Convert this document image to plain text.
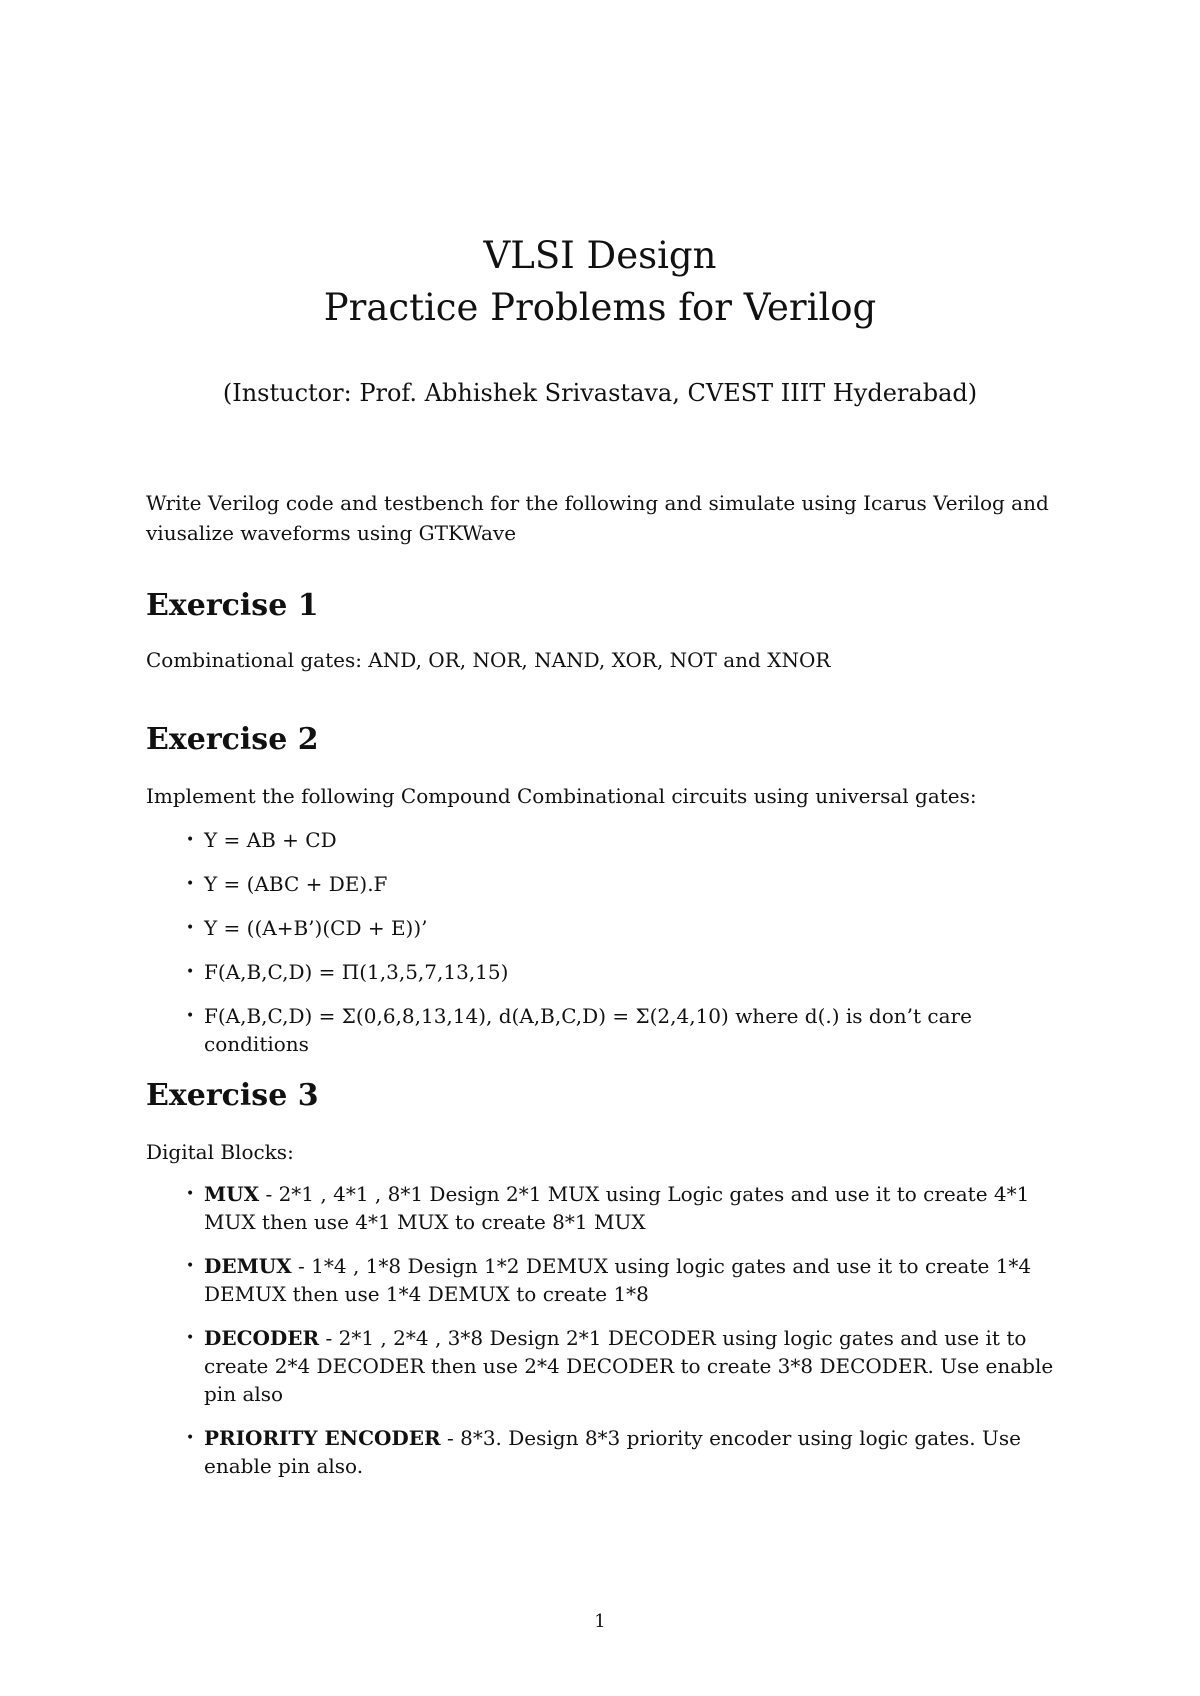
VLSI Design

Practice Problems for Verilog

(Instuctor: Prof. Abhishek Srivastava, CVEST IIIT Hyderabad)
Write Verilog code and testbench for the following and simulate using Icarus Verilog and viusalize waveforms using GTKWave
Exercise 1

Combinational gates: AND, OR, NOR, NAND, XOR, NOT and XNOR

Exercise 2

Implement the following Compound Combinational circuits using universal gates:

• Y = AB + CD
• Y = (ABC + DE).F
• Y = ((A+B’)(CD + E))’
• F(A,B,C,D) = Π(1,3,5,7,13,15)
• F(A,B,C,D) = Σ(0,6,8,13,14), d(A,B,C,D) = Σ(2,4,10) where d(.) is don’t care conditions
Exercise 3

Digital Blocks:

• MUX - 2*1 , 4*1 , 8*1 Design 2*1 MUX using Logic gates and use it to create 4*1 MUX then use 4*1 MUX to create 8*1 MUX
• DEMUX - 1*4 , 1*8 Design 1*2 DEMUX using logic gates and use it to create 1*4 DEMUX then use 1*4 DEMUX to create 1*8
• DECODER - 2*1 , 2*4 , 3*8 Design 2*1 DECODER using logic gates and use it to create 2*4 DECODER then use 2*4 DECODER to create 3*8 DECODER. Use enable pin also
• PRIORITY ENCODER - 8*3. Design 8*3 priority encoder using logic gates. Use enable pin also.
1
